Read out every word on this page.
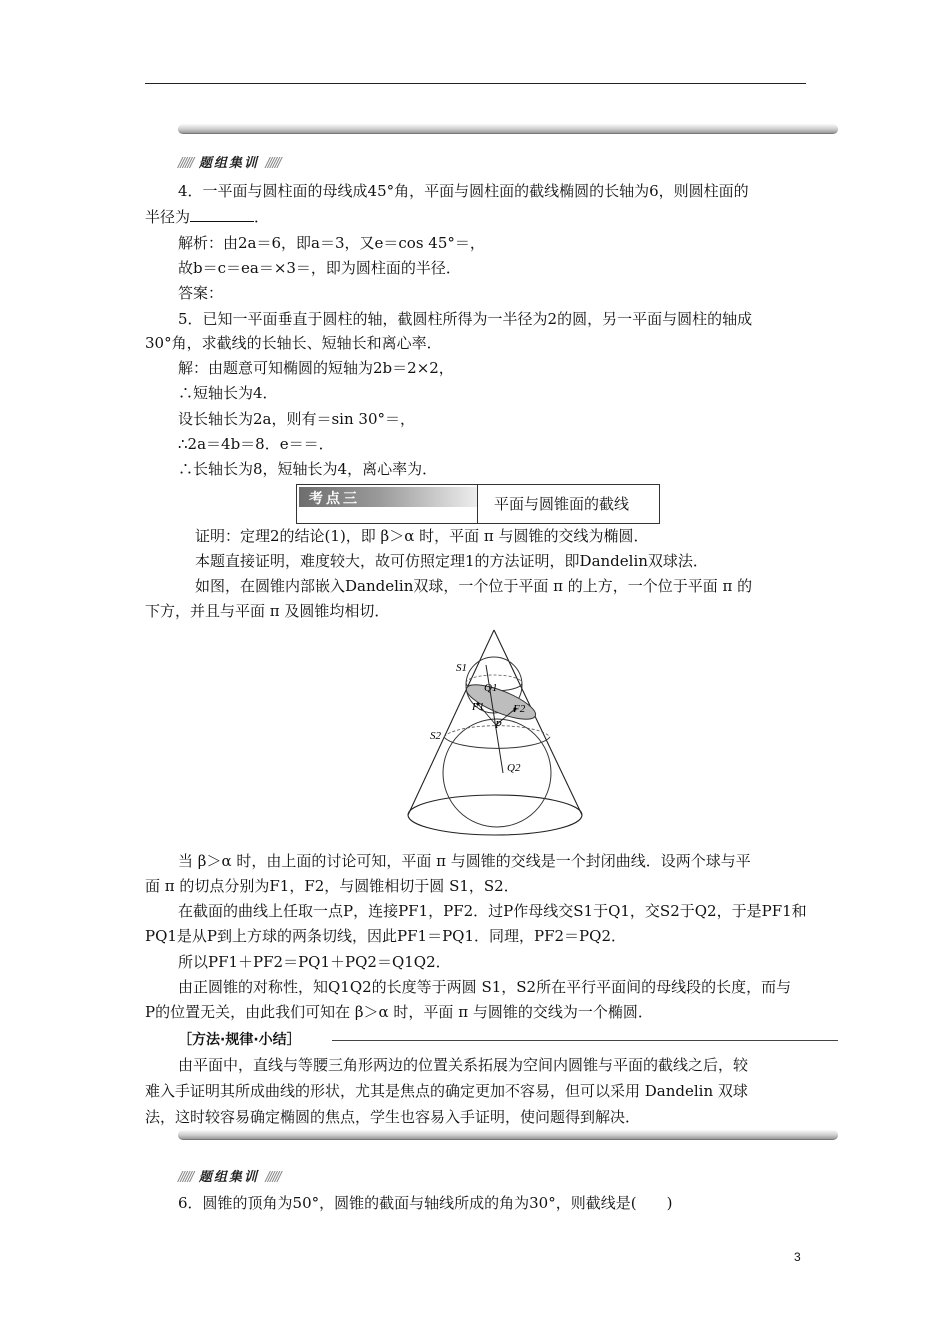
////// 题组集训 //////
4．一平面与圆柱面的母线成45°角，平面与圆柱面的截线椭圆的长轴为6，则圆柱面的
半径为	．
解析：由2a＝6，即a＝3，又e＝cos 45°＝，
故b＝c＝ea＝×3＝，即为圆柱面的半径．
答案：
5．已知一平面垂直于圆柱的轴，截圆柱所得为一半径为2的圆，另一平面与圆柱的轴成
30°角，求截线的长轴长、短轴长和离心率．
解：由题意可知椭圆的短轴为2b＝2×2，
∴短轴长为4．
设长轴长为2a，则有＝sin 30°＝，
∴2a＝4b＝8．e＝＝．
∴长轴长为8，短轴长为4，离心率为．
考点三	平面与圆锥面的截线
证明：定理2的结论(1)，即 β＞α 时，平面 π 与圆锥的交线为椭圆．
本题直接证明，难度较大，故可仿照定理1的方法证明，即Dandelin双球法．
如图，在圆锥内部嵌入Dandelin双球，一个位于平面 π 的上方，一个位于平面 π 的
下方，并且与平面 π 及圆锥均相切．
S1
Q1
F1	F2
P
S2
Q2
当 β＞α 时，由上面的讨论可知，平面 π 与圆锥的交线是一个封闭曲线．设两个球与平
面 π 的切点分别为F1，F2，与圆锥相切于圆 S1，S2．
在截面的曲线上任取一点P，连接PF1，PF2．过P作母线交S1于Q1，交S2于Q2，于是PF1和
PQ1是从P到上方球的两条切线，因此PF1＝PQ1．同理，PF2＝PQ2．
所以PF1＋PF2＝PQ1＋PQ2＝Q1Q2．
由正圆锥的对称性，知Q1Q2的长度等于两圆 S1，S2所在平行平面间的母线段的长度，而与
P的位置无关，由此我们可知在 β＞α 时，平面 π 与圆锥的交线为一个椭圆．
［方法·规律·小结］
由平面中，直线与等腰三角形两边的位置关系拓展为空间内圆锥与平面的截线之后，较
难入手证明其所成曲线的形状，尤其是焦点的确定更加不容易，但可以采用 Dandelin 双球
法，这时较容易确定椭圆的焦点，学生也容易入手证明，使问题得到解决．
////// 题组集训 //////
6．圆锥的顶角为50°，圆锥的截面与轴线所成的角为30°，则截线是(　　)
3
